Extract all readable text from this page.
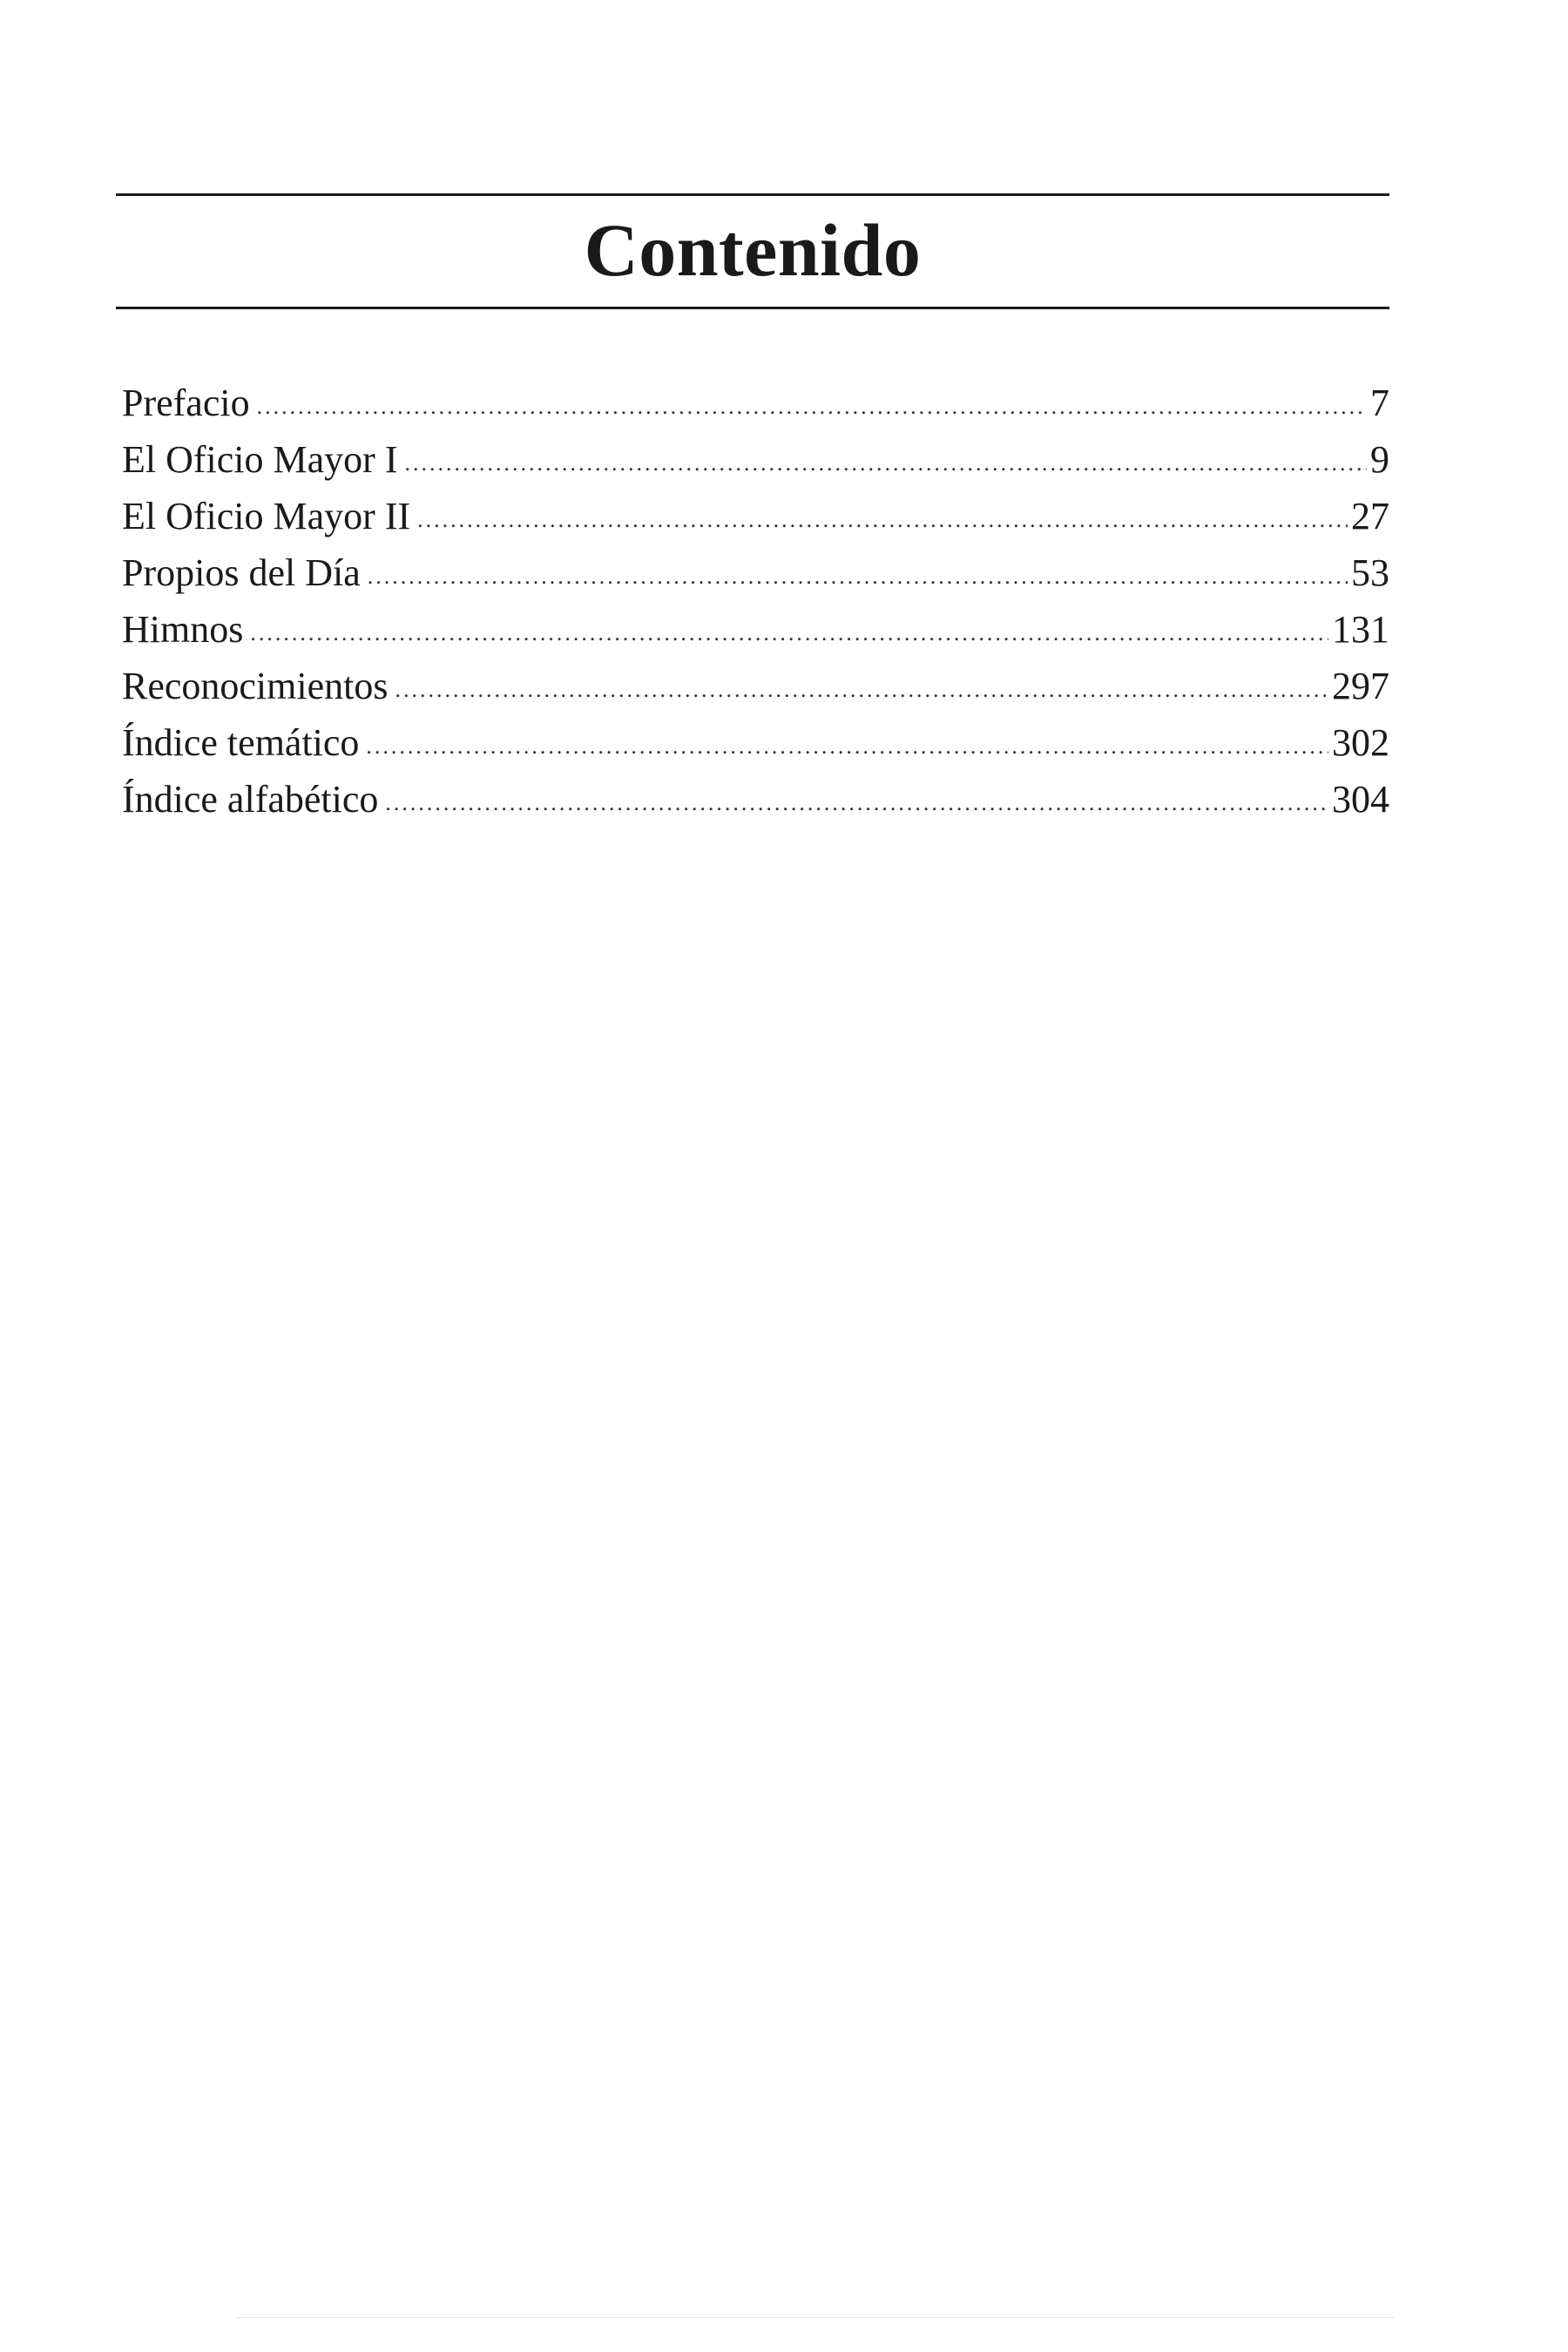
Contenido
Prefacio .....	7
El Oficio Mayor I .....	9
El Oficio Mayor II .....	27
Propios del Día .....	53
Himnos .....	131
Reconocimientos .....	297
Índice temático .....	302
Índice alfabético .....	304
